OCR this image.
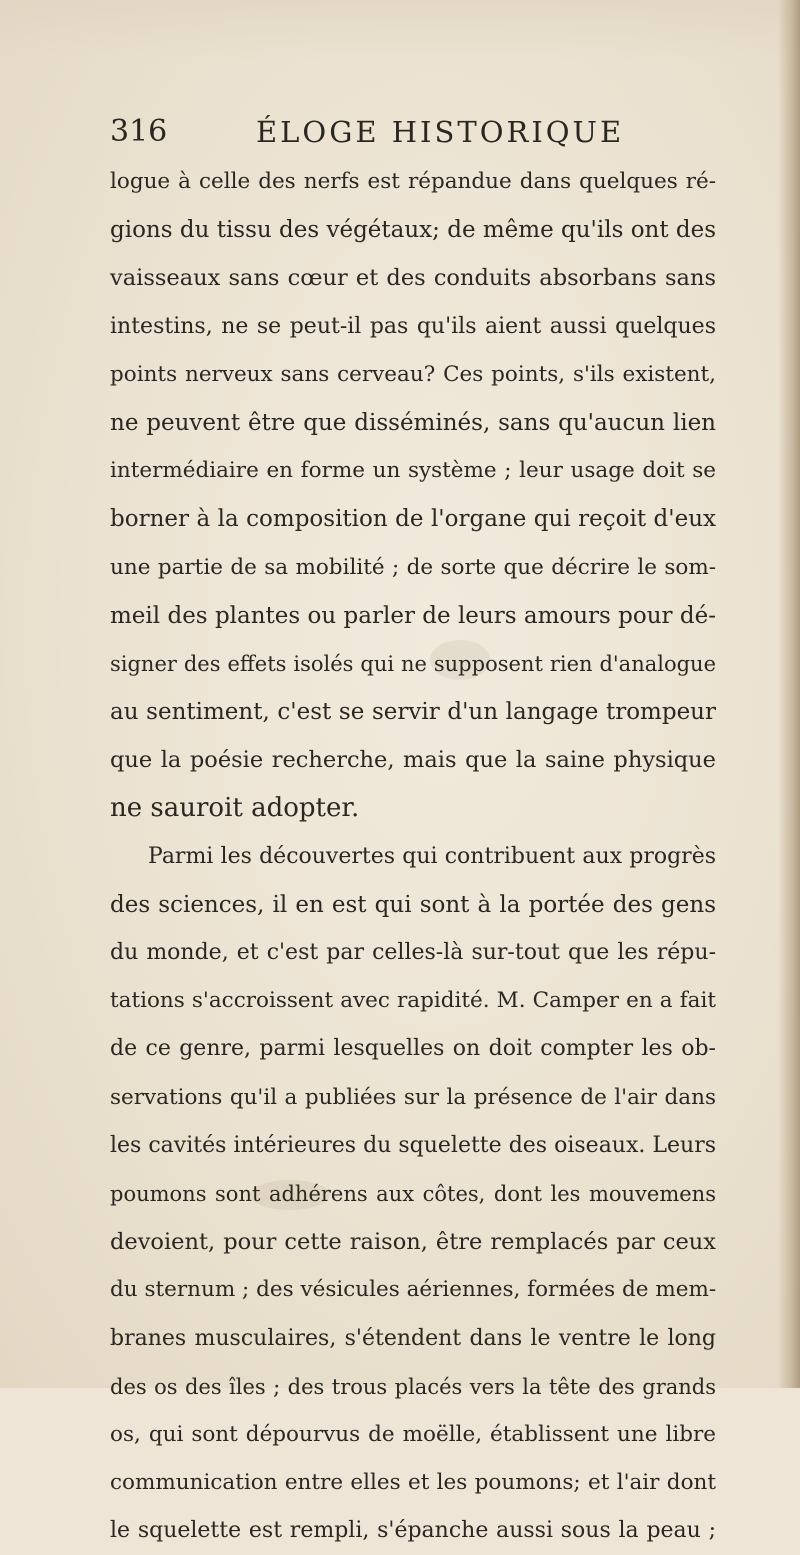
316	ÉLOGE HISTORIQUE
logue à celle des nerfs est répandue dans quelques ré-
gions du tissu des végétaux; de même qu'ils ont des
vaisseaux sans cœur et des conduits absorbans sans
intestins, ne se peut-il pas qu'ils aient aussi quelques
points nerveux sans cerveau? Ces points, s'ils existent,
ne peuvent être que disséminés, sans qu'aucun lien
intermédiaire en forme un système ; leur usage doit se
borner à la composition de l'organe qui reçoit d'eux
une partie de sa mobilité ; de sorte que décrire le som-
meil des plantes ou parler de leurs amours pour dé-
signer des effets isolés qui ne supposent rien d'analogue
au sentiment, c'est se servir d'un langage trompeur
que la poésie recherche, mais que la saine physique
ne sauroit adopter.
Parmi les découvertes qui contribuent aux progrès
des sciences, il en est qui sont à la portée des gens
du monde, et c'est par celles-là sur-tout que les répu-
tations s'accroissent avec rapidité. M. Camper en a fait
de ce genre, parmi lesquelles on doit compter les ob-
servations qu'il a publiées sur la présence de l'air dans
les cavités intérieures du squelette des oiseaux. Leurs
poumons sont adhérens aux côtes, dont les mouvemens
devoient, pour cette raison, être remplacés par ceux
du sternum ; des vésicules aériennes, formées de mem-
branes musculaires, s'étendent dans le ventre le long
des os des îles ; des trous placés vers la tête des grands
os, qui sont dépourvus de moëlle, établissent une libre
communication entre elles et les poumons; et l'air dont
le squelette est rempli, s'épanche aussi sous la peau ;
